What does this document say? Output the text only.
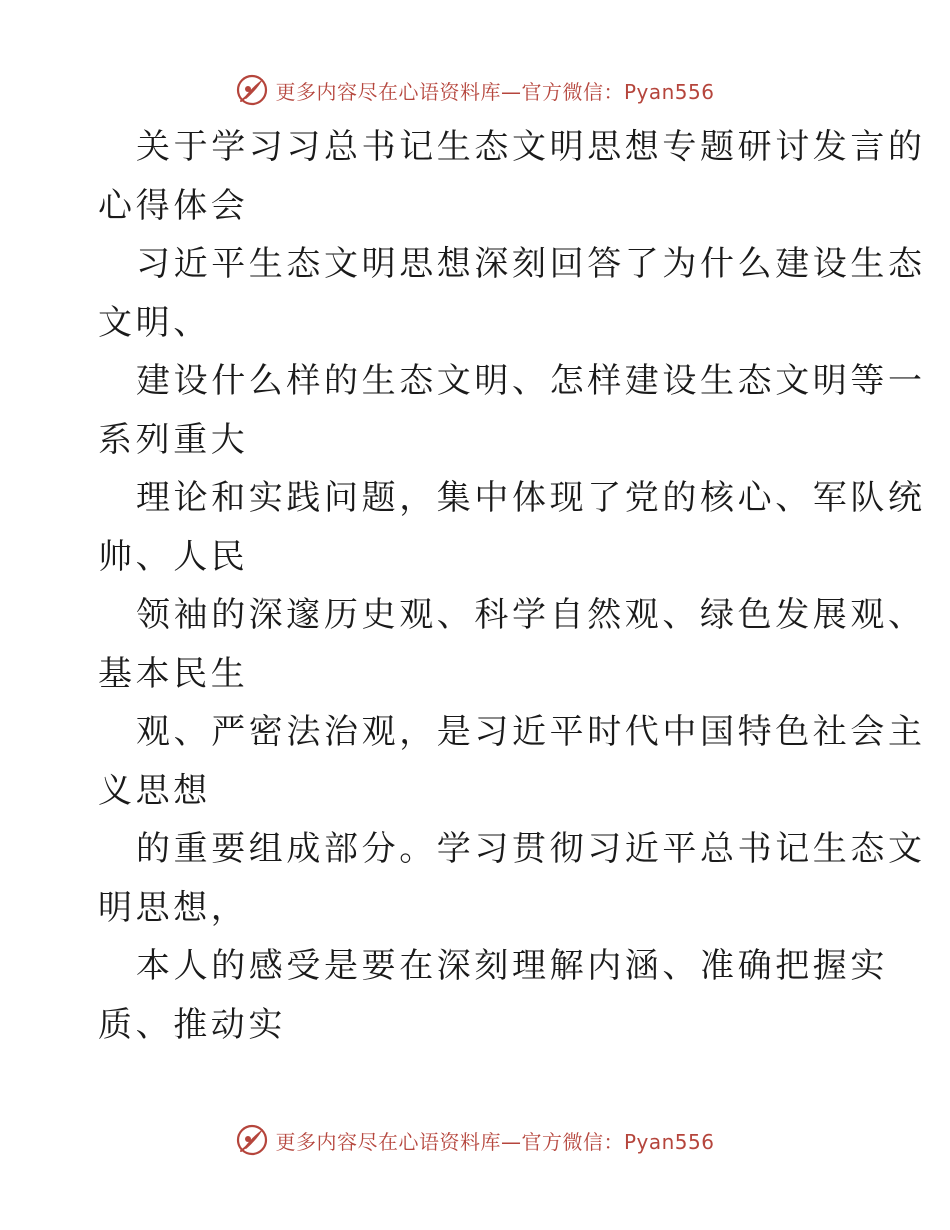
更多内容尽在心语资料库—官方微信：Pyan556

关于学习习总书记生态文明思想专题研讨发言的
心得体会

习近平生态文明思想深刻回答了为什么建设生态
文明、

建设什么样的生态文明、怎样建设生态文明等一
系列重大

理论和实践问题，集中体现了党的核心、军队统
帅、人民

领袖的深邃历史观、科学自然观、绿色发展观、
基本民生

观、严密法治观，是习近平时代中国特色社会主
义思想

的重要组成部分。学习贯彻习近平总书记生态文
明思想，

本人的感受是要在深刻理解内涵、准确把握实
质、推动实

更多内容尽在心语资料库—官方微信：Pyan556
